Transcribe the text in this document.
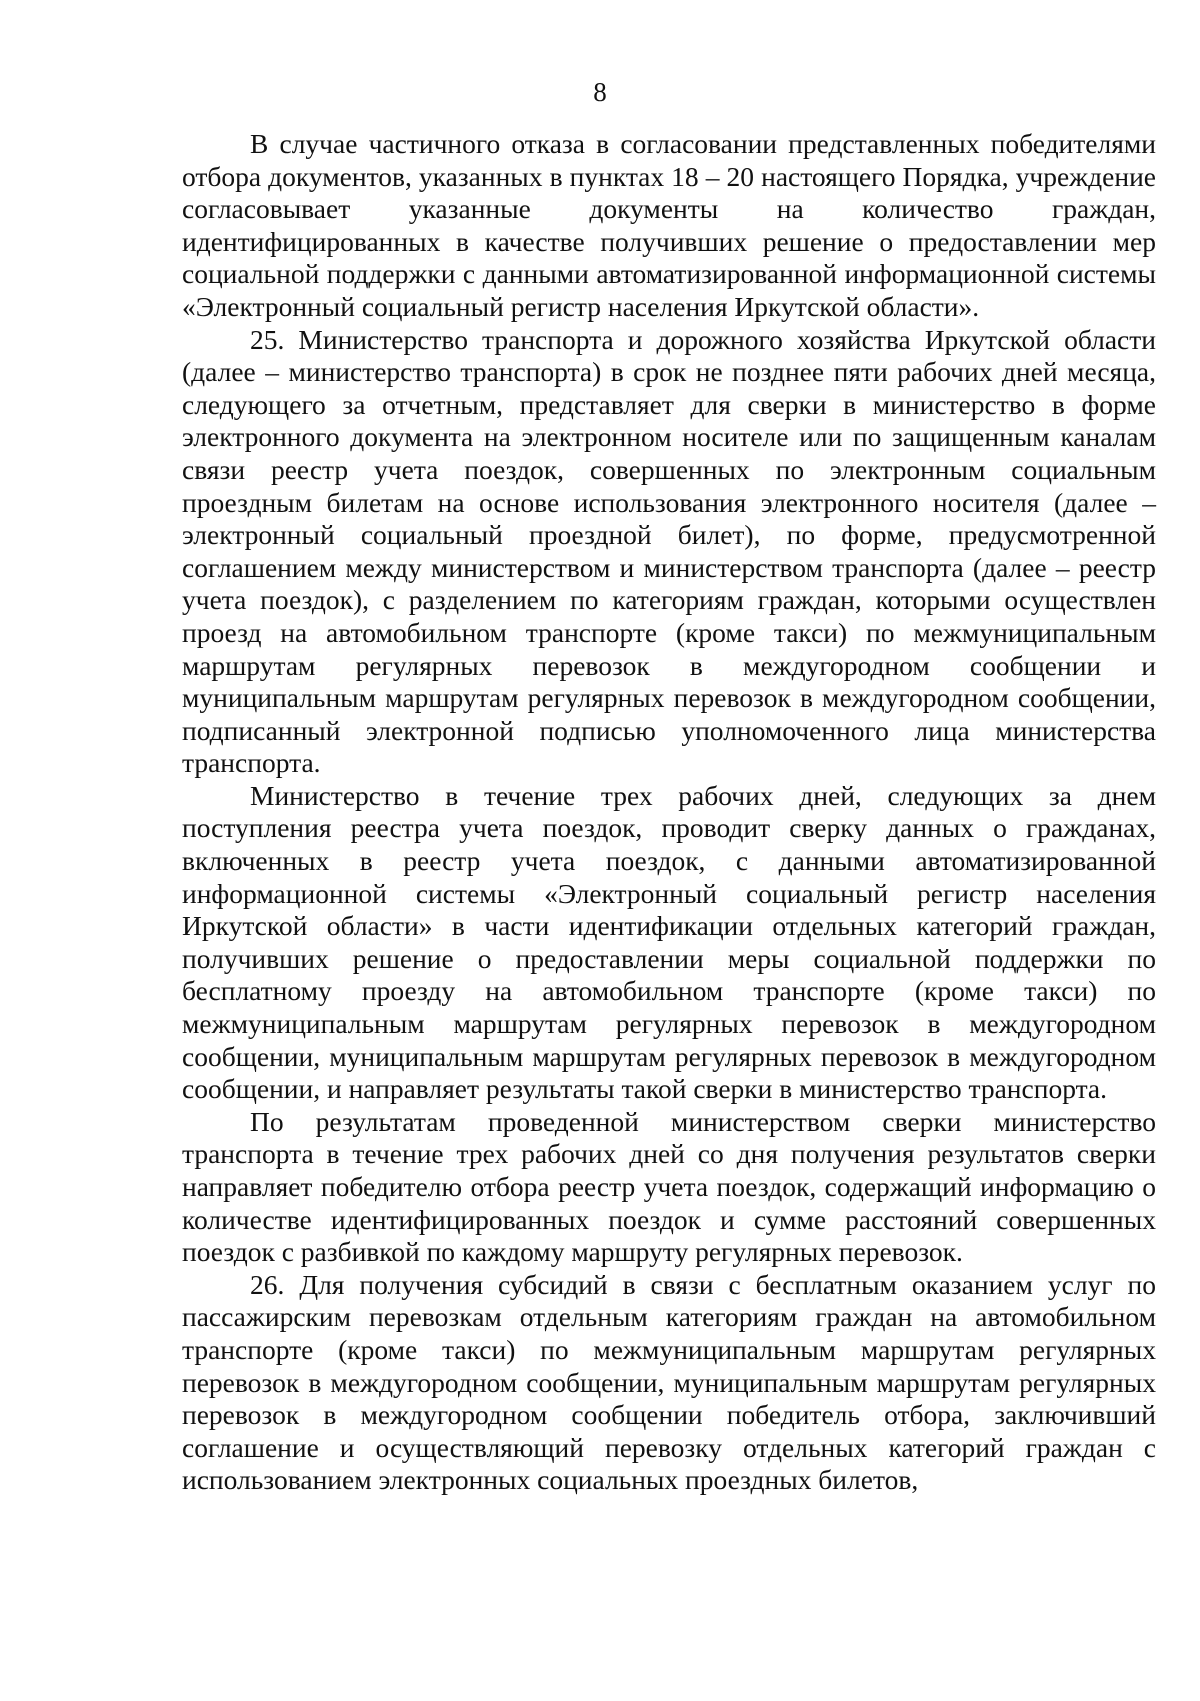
8

В случае частичного отказа в согласовании представленных победителями отбора документов, указанных в пунктах 18 – 20 настоящего Порядка, учреждение согласовывает указанные документы на количество граждан, идентифицированных в качестве получивших решение о предоставлении мер социальной поддержки с данными автоматизированной информационной системы «Электронный социальный регистр населения Иркутской области».

25. Министерство транспорта и дорожного хозяйства Иркутской области (далее – министерство транспорта) в срок не позднее пяти рабочих дней месяца, следующего за отчетным, представляет для сверки в министерство в форме электронного документа на электронном носителе или по защищенным каналам связи реестр учета поездок, совершенных по электронным социальным проездным билетам на основе использования электронного носителя (далее – электронный социальный проездной билет), по форме, предусмотренной соглашением между министерством и министерством транспорта (далее – реестр учета поездок), с разделением по категориям граждан, которыми осуществлен проезд на автомобильном транспорте (кроме такси) по межмуниципальным маршрутам регулярных перевозок в междугородном сообщении и муниципальным маршрутам регулярных перевозок в междугородном сообщении, подписанный электронной подписью уполномоченного лица министерства транспорта.

Министерство в течение трех рабочих дней, следующих за днем поступления реестра учета поездок, проводит сверку данных о гражданах, включенных в реестр учета поездок, с данными автоматизированной информационной системы «Электронный социальный регистр населения Иркутской области» в части идентификации отдельных категорий граждан, получивших решение о предоставлении меры социальной поддержки по бесплатному проезду на автомобильном транспорте (кроме такси) по межмуниципальным маршрутам регулярных перевозок в междугородном сообщении, муниципальным маршрутам регулярных перевозок в междугородном сообщении, и направляет результаты такой сверки в министерство транспорта.

По результатам проведенной министерством сверки министерство транспорта в течение трех рабочих дней со дня получения результатов сверки направляет победителю отбора реестр учета поездок, содержащий информацию о количестве идентифицированных поездок и сумме расстояний совершенных поездок с разбивкой по каждому маршруту регулярных перевозок.

26. Для получения субсидий в связи с бесплатным оказанием услуг по пассажирским перевозкам отдельным категориям граждан на автомобильном транспорте (кроме такси) по межмуниципальным маршрутам регулярных перевозок в междугородном сообщении, муниципальным маршрутам регулярных перевозок в междугородном сообщении победитель отбора, заключивший соглашение и осуществляющий перевозку отдельных категорий граждан с использованием электронных социальных проездных билетов,
